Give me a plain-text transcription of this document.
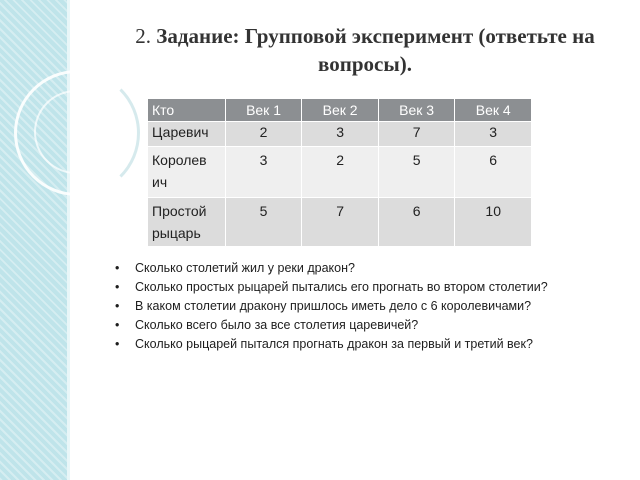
2. Задание: Групповой эксперимент (ответьте на вопросы).
Кто	Век 1	Век 2	Век 3	Век 4
Царевич	2	3	7	3
Королев ич	3	2	5	6
Простой рыцарь	5	7	6	10
• Сколько столетий жил у реки дракон?
• Сколько простых рыцарей пытались его прогнать во втором столетии?
• В каком столетии дракону пришлось иметь дело с 6 королевичами?
• Сколько всего было за все столетия царевичей?
• Сколько рыцарей пытался прогнать дракон за первый и третий век?
